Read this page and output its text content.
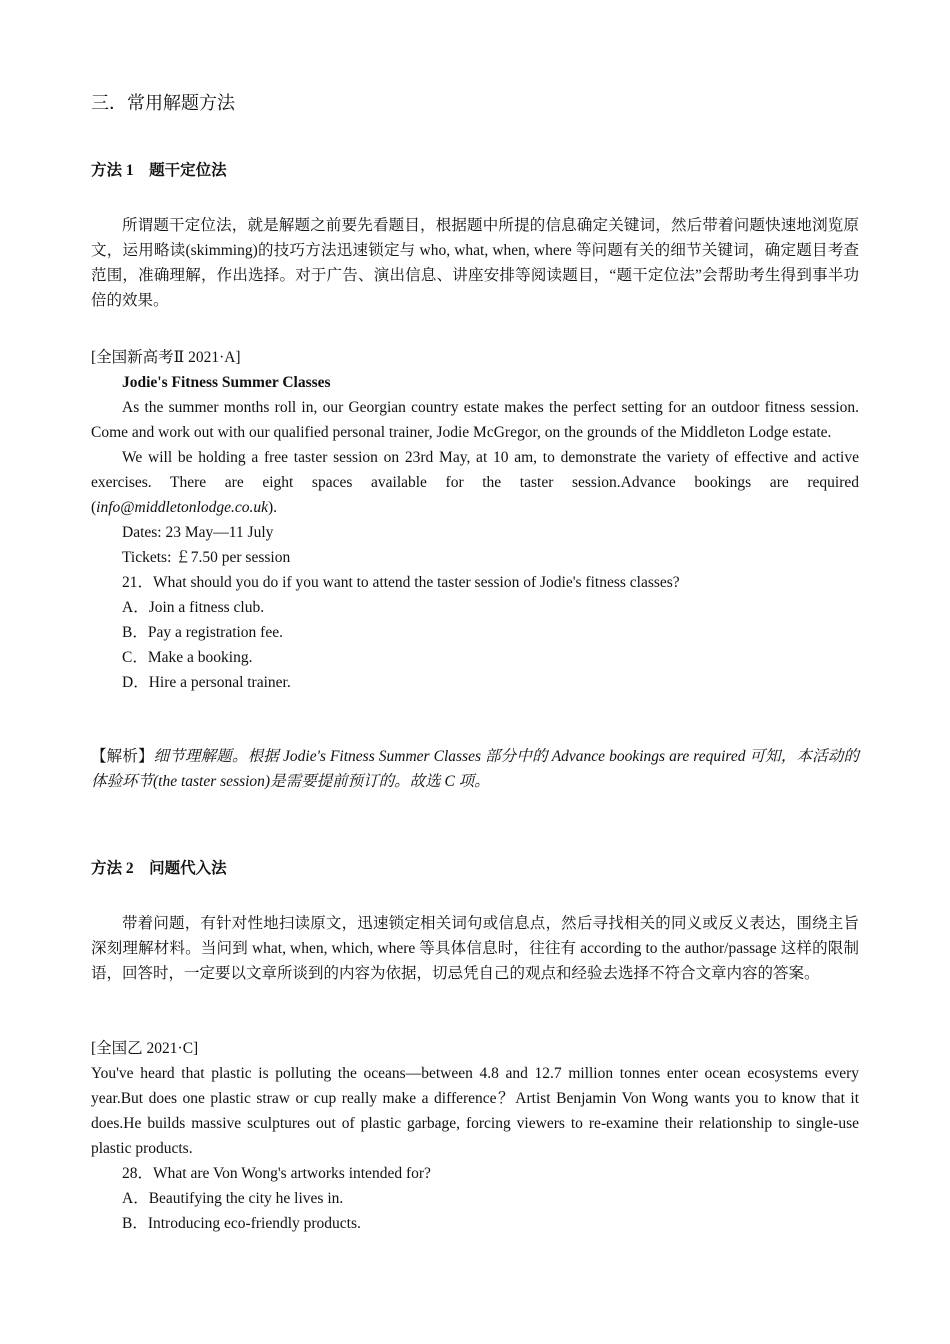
三．常用解题方法

方法 1　题干定位法

所谓题干定位法，就是解题之前要先看题目，根据题中所提的信息确定关键词，然后带着问题快速地浏览原文，运用略读(skimming)的技巧方法迅速锁定与 who, what, when, where 等问题有关的细节关键词，确定题目考查范围，准确理解，作出选择。对于广告、演出信息、讲座安排等阅读题目，“题干定位法”会帮助考生得到事半功倍的效果。

[全国新高考Ⅱ 2021·A]

Jodie's Fitness Summer Classes

As the summer months roll in, our Georgian country estate makes the perfect setting for an outdoor fitness session. Come and work out with our qualified personal trainer, Jodie McGregor, on the grounds of the Middleton Lodge estate.

We will be holding a free taster session on 23rd May, at 10 am, to demonstrate the variety of effective and active exercises. There are eight spaces available for the taster session.Advance bookings are required (info@middletonlodge.co.uk).

Dates: 23 May—11 July

Tickets: ￡7.50 per session

21．What should you do if you want to attend the taster session of Jodie's fitness classes?

A．Join a fitness club.

B．Pay a registration fee.

C．Make a booking.

D．Hire a personal trainer.

【解析】细节理解题。根据 Jodie's Fitness Summer Classes 部分中的 Advance bookings are required 可知，本活动的体验环节(the taster session)是需要提前预订的。故选 C 项。

方法 2　问题代入法

带着问题，有针对性地扫读原文，迅速锁定相关词句或信息点，然后寻找相关的同义或反义表达，围绕主旨深刻理解材料。当问到 what, when, which, where 等具体信息时，往往有 according to the author/passage 这样的限制语，回答时，一定要以文章所谈到的内容为依据，切忌凭自己的观点和经验去选择不符合文章内容的答案。

[全国乙 2021·C]

You've heard that plastic is polluting the oceans—between 4.8 and 12.7 million tonnes enter ocean ecosystems every year.But does one plastic straw or cup really make a difference？Artist Benjamin Von Wong wants you to know that it does.He builds massive sculptures out of plastic garbage, forcing viewers to re-examine their relationship to single-use plastic products.

28．What are Von Wong's artworks intended for?

A．Beautifying the city he lives in.

B．Introducing eco-friendly products.
